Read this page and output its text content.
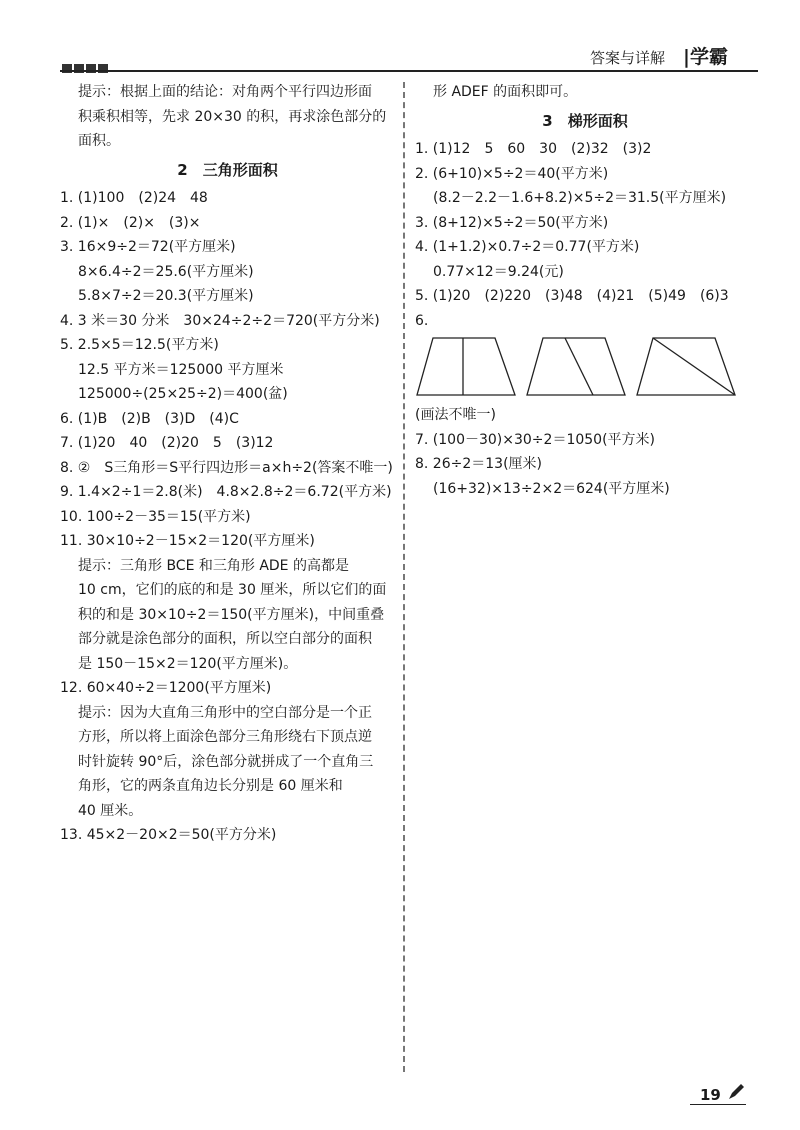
答案与详解 |学霸
提示：根据上面的结论：对角两个平行四边形面
积乘积相等，先求 20×30 的积，再求涂色部分的
面积。
2　三角形面积
1. (1)100　(2)24　48
2. (1)×　(2)×　(3)×
3. 16×9÷2＝72(平方厘米)
8×6.4÷2＝25.6(平方厘米)
5.8×7÷2＝20.3(平方厘米)
4. 3 米＝30 分米　30×24÷2÷2＝720(平方分米)
5. 2.5×5＝12.5(平方米)
12.5 平方米＝125000 平方厘米
125000÷(25×25÷2)＝400(盆)
6. (1)B　(2)B　(3)D　(4)C
7. (1)20　40　(2)20　5　(3)12
8. ②　S三角形＝S平行四边形＝a×h÷2(答案不唯一)
9. 1.4×2÷1＝2.8(米)　4.8×2.8÷2＝6.72(平方米)
10. 100÷2－35＝15(平方米)
11. 30×10÷2－15×2＝120(平方厘米)
提示：三角形 BCE 和三角形 ADE 的高都是
10 cm，它们的底的和是 30 厘米，所以它们的面
积的和是 30×10÷2＝150(平方厘米)，中间重叠
部分就是涂色部分的面积，所以空白部分的面积
是 150－15×2＝120(平方厘米)。
12. 60×40÷2＝1200(平方厘米)
提示：因为大直角三角形中的空白部分是一个正
方形，所以将上面涂色部分三角形绕右下顶点逆
时针旋转 90°后，涂色部分就拼成了一个直角三
角形，它的两条直角边长分别是 60 厘米和
40 厘米。
13. 45×2－20×2＝50(平方分米)
形 ADEF 的面积即可。
3　梯形面积
1. (1)12　5　60　30　(2)32　(3)2
2. (6+10)×5÷2＝40(平方米)
(8.2－2.2－1.6+8.2)×5÷2＝31.5(平方厘米)
3. (8+12)×5÷2＝50(平方米)
4. (1+1.2)×0.7÷2＝0.77(平方米)
0.77×12＝9.24(元)
5. (1)20　(2)220　(3)48　(4)21　(5)49　(6)3
6.
(画法不唯一)
7. (100－30)×30÷2＝1050(平方米)
8. 26÷2＝13(厘米)
(16+32)×13÷2×2＝624(平方厘米)
19
